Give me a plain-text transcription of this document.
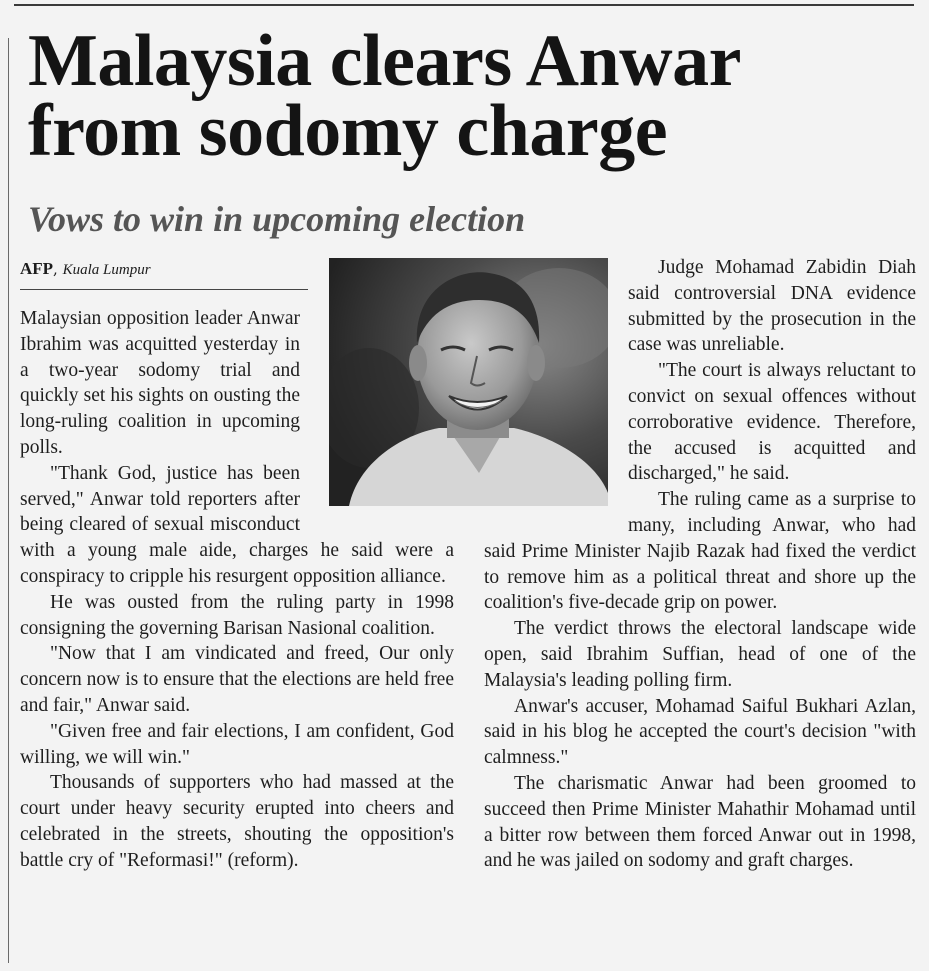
Malaysia clears Anwar from sodomy charge
Vows to win in upcoming election
AFP, Kuala Lumpur

Malaysian opposition leader Anwar Ibrahim was acquitted yesterday in a two-year sodomy trial and quickly set his sights on ousting the long-ruling coalition in upcoming polls.

"Thank God, justice has been served," Anwar told reporters after being cleared of sexual misconduct with a young male aide, charges he said were a conspiracy to cripple his resurgent opposition alliance.

He was ousted from the ruling party in 1998 consigning the governing Barisan Nasional coalition.

"Now that I am vindicated and freed, Our only concern now is to ensure that the elections are held free and fair," Anwar said.

"Given free and fair elections, I am confident, God willing, we will win."

Thousands of supporters who had massed at the court under heavy security erupted into cheers and celebrated in the streets, shouting the opposition's battle cry of "Reformasi!" (reform).

Judge Mohamad Zabidin Diah said controversial DNA evidence submitted by the prosecution in the case was unreliable.

"The court is always reluctant to convict on sexual offences without corroborative evidence. Therefore, the accused is acquitted and discharged," he said.

The ruling came as a surprise to many, including Anwar, who had said Prime Minister Najib Razak had fixed the verdict to remove him as a political threat and shore up the coalition's five-decade grip on power.

The verdict throws the electoral landscape wide open, said Ibrahim Suffian, head of one of the Malaysia's leading polling firm.

Anwar's accuser, Mohamad Saiful Bukhari Azlan, said in his blog he accepted the court's decision "with calmness."

The charismatic Anwar had been groomed to succeed then Prime Minister Mahathir Mohamad until a bitter row between them forced Anwar out in 1998, and he was jailed on sodomy and graft charges.
